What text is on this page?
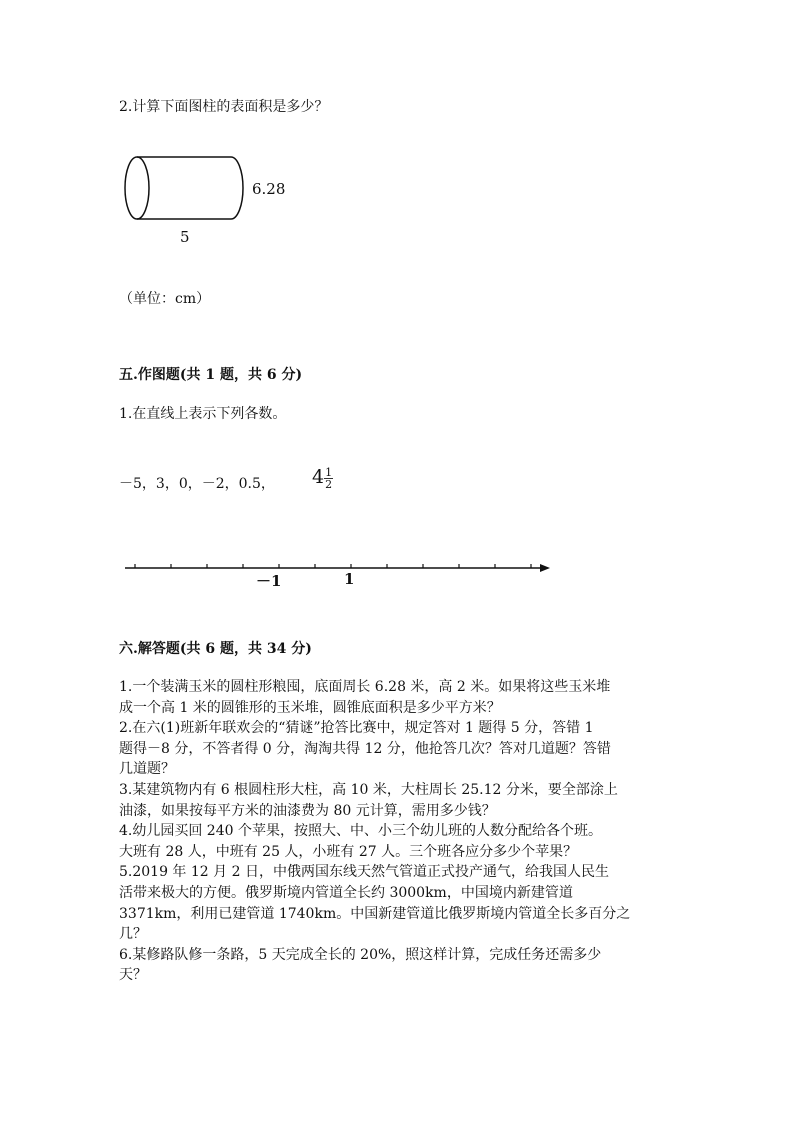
2.计算下面图柱的表面积是多少？
6.28
5
（单位：cm）
五.作图题(共 1 题，共 6 分)
1.在直线上表示下列各数。
－5，3，0，－2，0.5， $4 \frac{1}{2}$
－1	1
六.解答题(共 6 题，共 34 分)
1.一个装满玉米的圆柱形粮囤，底面周长 6.28 米，高 2 米。如果将这些玉米堆
成一个高 1 米的圆锥形的玉米堆，圆锥底面积是多少平方米？
2.在六(1)班新年联欢会的“猜谜”抢答比赛中，规定答对 1 题得 5 分，答错 1
题得－8 分，不答者得 0 分，淘淘共得 12 分，他抢答几次？答对几道题？答错
几道题？
3.某建筑物内有 6 根圆柱形大柱，高 10 米，大柱周长 25.12 分米，要全部涂上
油漆，如果按每平方米的油漆费为 80 元计算，需用多少钱？
4.幼儿园买回 240 个苹果，按照大、中、小三个幼儿班的人数分配给各个班。
大班有 28 人，中班有 25 人，小班有 27 人。三个班各应分多少个苹果？
5.2019 年 12 月 2 日，中俄两国东线天然气管道正式投产通气，给我国人民生
活带来极大的方便。俄罗斯境内管道全长约 3000km，中国境内新建管道
3371km，利用已建管道 1740km。中国新建管道比俄罗斯境内管道全长多百分之
几？
6.某修路队修一条路，5 天完成全长的 20%，照这样计算，完成任务还需多少
天？
